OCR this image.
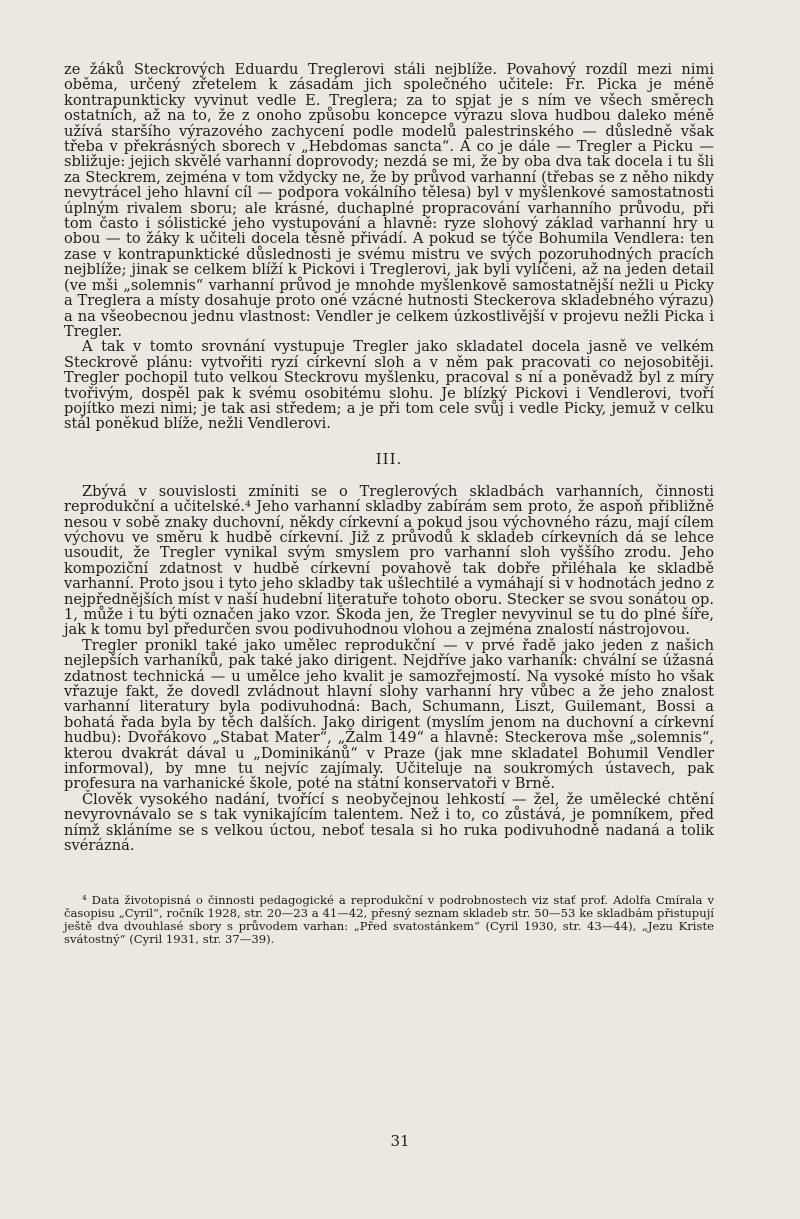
ze žáků Steckrových Eduardu Treglerovi stáli nejblíže. Povahový rozdíl mezi nimi oběma, určený zřetelem k zásadám jich společného učitele: Fr. Picka je méně kontrapunkticky vyvinut vedle E. Treglera; za to spjat je s ním ve všech směrech ostatních, až na to, že z onoho způsobu koncepce výrazu slova hudbou daleko méně užívá staršího výrazového zachycení podle modelů palestrinského — důsledně však třeba v překrásných sborech v „Hebdomas sancta“. A co je dále — Tregler a Picku — sbližuje: jejich skvělé varhanní doprovody; nezdá se mi, že by oba dva tak docela i tu šli za Steckrem, zejména v tom vždycky ne, že by průvod varhanní (třebas se z něho nikdy nevytrácel jeho hlavní cíl — podpora vokálního tělesa) byl v myšlenkové samostatnosti úplným rivalem sboru; ale krásné, duchaplné propracování varhanního průvodu, při tom často i sólistické jeho vystupování a hlavně: ryze slohový základ varhanní hry u obou — to žáky k učiteli docela těsně přivádí. A pokud se týče Bohumila Vendlera: ten zase v kontrapunktické důslednosti je svému mistru ve svých pozoruhodných pracích nejblíže; jinak se celkem blíží k Pickovi i Treglerovi, jak byli vylíčeni, až na jeden detail (ve mši „solemnis“ varhanní průvod je mnohde myšlenkově samostatnější nežli u Picky a Treglera a místy dosahuje proto oné vzácné hutnosti Steckerova skladebného výrazu) a na všeobecnou jednu vlastnost: Vendler je celkem úzkostlivější v projevu nežli Picka i Tregler.

A tak v tomto srovnání vystupuje Tregler jako skladatel docela jasně ve velkém Steckrově plánu: vytvořiti ryzí církevní sloh a v něm pak pracovati co nejosobitěji. Tregler pochopil tuto velkou Steckrovu myšlenku, pracoval s ní a poněvadž byl z míry tvořivým, dospěl pak k svému osobitému slohu. Je blízký Pickovi i Vendlerovi, tvoří pojítko mezi nimi; je tak asi středem; a je při tom cele svůj i vedle Picky, jemuž v celku stál poněkud blíže, nežli Vendlerovi.

III.

Zbývá v souvislosti zmíniti se o Treglerových skladbách varhanních, činnosti reprodukční a učitelské.⁴ Jeho varhanní skladby zabírám sem proto, že aspoň přibližně nesou v sobě znaky duchovní, někdy církevní a pokud jsou výchovného rázu, mají cílem výchovu ve směru k hudbě církevní. Již z průvodů k skladeb církevních dá se lehce usoudit, že Tregler vynikal svým smyslem pro varhanní sloh vyššího zrodu. Jeho kompoziční zdatnost v hudbě církevní povahově tak dobře přiléhala ke skladbě varhanní. Proto jsou i tyto jeho skladby tak ušlechtilé a vymáhají si v hodnotách jedno z nejpřednějších míst v naší hudební literatuře tohoto oboru. Stecker se svou sonátou op. 1, může i tu býti označen jako vzor. Škoda jen, že Tregler nevyvinul se tu do plné šíře, jak k tomu byl předurčen svou podivuhodnou vlohou a zejména znalostí nástrojovou.

Tregler pronikl také jako umělec reprodukční — v prvé řadě jako jeden z našich nejlepších varhaníků, pak také jako dirigent. Nejdříve jako varhaník: chvální se úžasná zdatnost technická — u umělce jeho kvalit je samozřejmostí. Na vysoké místo ho však vřazuje fakt, že dovedl zvládnout hlavní slohy varhanní hry vůbec a že jeho znalost varhanní literatury byla podivuhodná: Bach, Schumann, Liszt, Guilemant, Bossi a bohatá řada byla by těch dalších. Jako dirigent (myslím jenom na duchovní a církevní hudbu): Dvořákovo „Stabat Mater“, „Žalm 149“ a hlavně: Steckerova mše „solemnis“, kterou dvakrát dával u „Dominikánů“ v Praze (jak mne skladatel Bohumil Vendler informoval), by mne tu nejvíc zajímaly. Učiteluje na soukromých ústavech, pak profesura na varhanické škole, poté na státní konservatoři v Brně.

Člověk vysokého nadání, tvořící s neobyčejnou lehkostí — žel, že umělecké chtění nevyrovnávalo se s tak vynikajícím talentem. Než i to, co zůstává, je pomníkem, před nímž skláníme se s velkou úctou, neboť tesala si ho ruka podivuhodně nadaná a tolik svérázná.

⁴ Data životopisná o činnosti pedagogické a reprodukční v podrobnostech viz stať prof. Adolfa Cmírala v časopisu „Cyril“, ročník 1928, str. 20—23 a 41—42, přesný seznam skladeb str. 50—53 ke skladbám přistupují ještě dva dvouhlasé sbory s průvodem varhan: „Před svatostánkem“ (Cyril 1930, str. 43—44), „Jezu Kriste svátostný“ (Cyril 1931, str. 37—39).

31
